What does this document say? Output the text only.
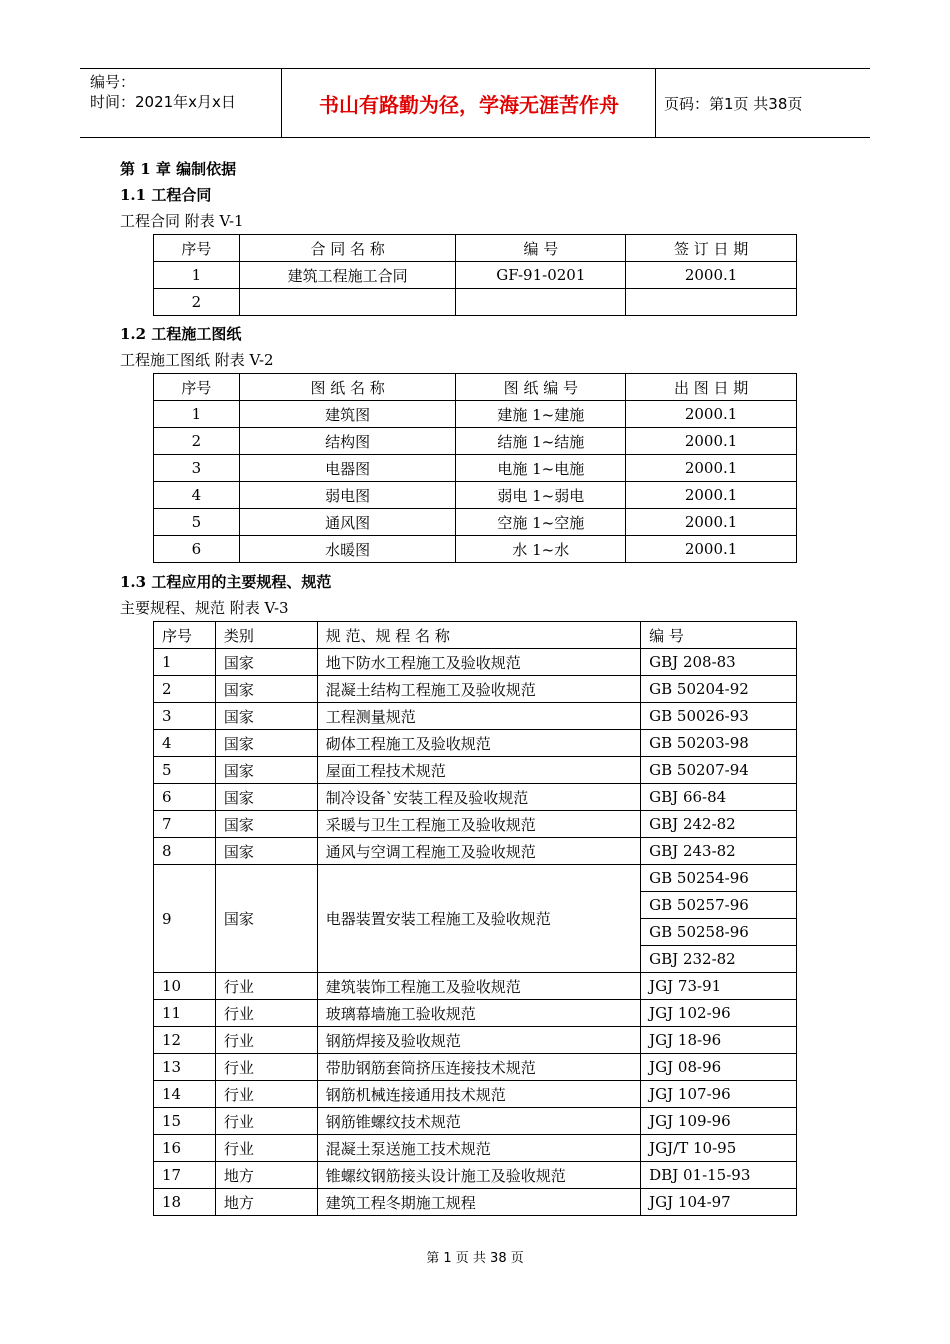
编号：
时间：2021年x月x日	书山有路勤为径，学海无涯苦作舟	页码：第1页 共38页
第 1 章 编制依据
1.1 工程合同
工程合同 附表 V-1
序号	合 同 名 称	编 号	签 订 日 期
1	建筑工程施工合同	GF-91-0201	2000.1
2			
1.2 工程施工图纸
工程施工图纸 附表 V-2
序号	图 纸 名 称	图 纸 编 号	出 图 日 期
1	建筑图	建施 1~建施	2000.1
2	结构图	结施 1~结施	2000.1
3	电器图	电施 1~电施	2000.1
4	弱电图	弱电 1~弱电	2000.1
5	通风图	空施 1~空施	2000.1
6	水暖图	水 1~水	2000.1
1.3 工程应用的主要规程、规范
主要规程、规范 附表 V-3
序号	类别	规 范、规 程 名 称	编 号
1	国家	地下防水工程施工及验收规范	GBJ 208-83
2	国家	混凝土结构工程施工及验收规范	GB 50204-92
3	国家	工程测量规范	GB 50026-93
4	国家	砌体工程施工及验收规范	GB 50203-98
5	国家	屋面工程技术规范	GB 50207-94
6	国家	制冷设备`安装工程及验收规范	GBJ 66-84
7	国家	采暖与卫生工程施工及验收规范	GBJ 242-82
8	国家	通风与空调工程施工及验收规范	GBJ 243-82
9	国家	电器装置安装工程施工及验收规范	GB 50254-96
			GB 50257-96
			GB 50258-96
			GBJ 232-82
10	行业	建筑装饰工程施工及验收规范	JGJ 73-91
11	行业	玻璃幕墙施工验收规范	JGJ 102-96
12	行业	钢筋焊接及验收规范	JGJ 18-96
13	行业	带肋钢筋套筒挤压连接技术规范	JGJ 08-96
14	行业	钢筋机械连接通用技术规范	JGJ 107-96
15	行业	钢筋锥螺纹技术规范	JGJ 109-96
16	行业	混凝土泵送施工技术规范	JGJ/T 10-95
17	地方	锥螺纹钢筋接头设计施工及验收规范	DBJ 01-15-93
18	地方	建筑工程冬期施工规程	JGJ 104-97
第 1 页 共 38 页
